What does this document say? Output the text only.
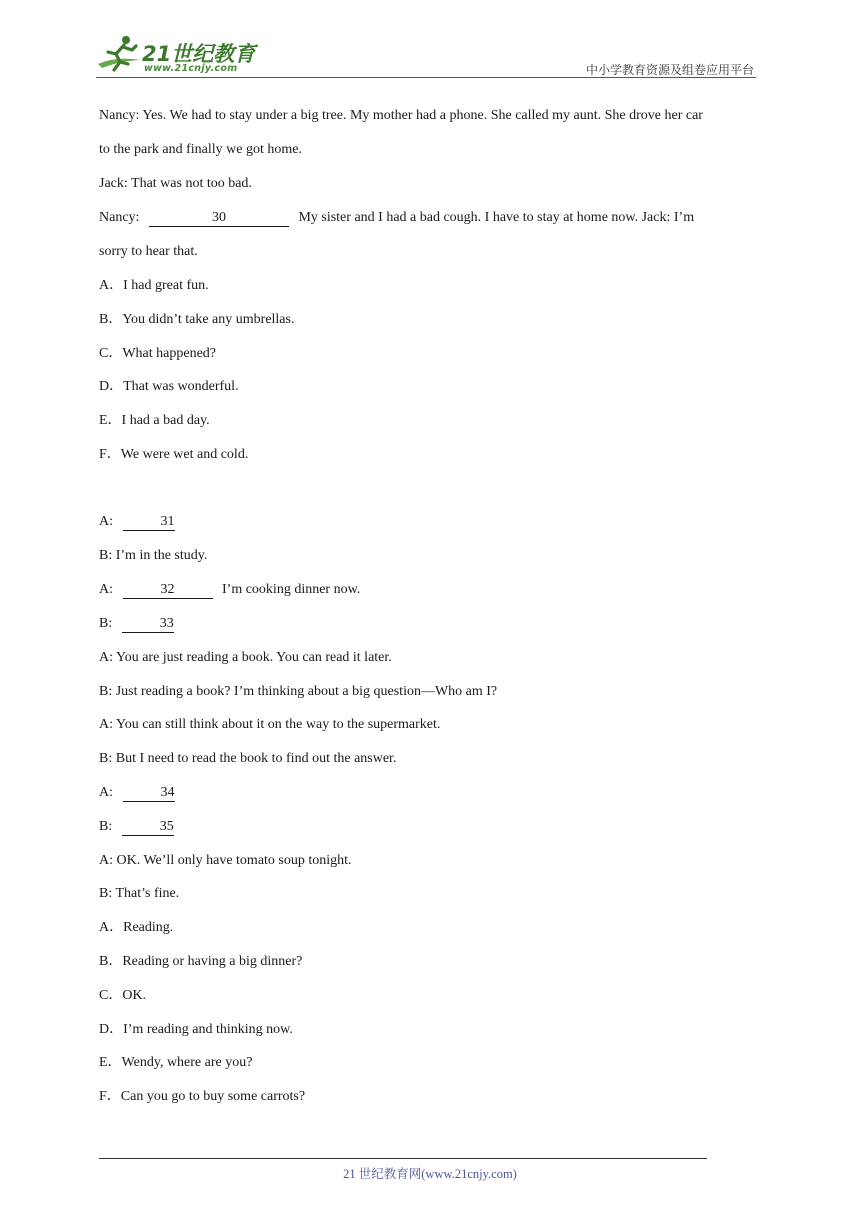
21世纪教育
www.21cnjy.com	中小学教育资源及组卷应用平台
Nancy: Yes. We had to stay under a big tree. My mother had a phone. She called my aunt. She drove her car
to the park and finally we got home.
Jack: That was not too bad.
Nancy:	30	My sister and I had a bad cough. I have to stay at home now. Jack: I’m
sorry to hear that.
A．I had great fun.
B．You didn’t take any umbrellas.
C．What happened?
D．That was wonderful.
E．I had a bad day.
F．We were wet and cold.
A:	31
B: I’m in the study.
A:	32	I’m cooking dinner now.
B:	33
A: You are just reading a book. You can read it later.
B: Just reading a book? I’m thinking about a big question—Who am I?
A: You can still think about it on the way to the supermarket.
B: But I need to read the book to find out the answer.
A:	34
B:	35
A: OK. We’ll only have tomato soup tonight.
B: That’s fine.
A．Reading.
B．Reading or having a big dinner?
C．OK.
D．I’m reading and thinking now.
E．Wendy, where are you?
F．Can you go to buy some carrots?
21 世纪教育网(www.21cnjy.com)
